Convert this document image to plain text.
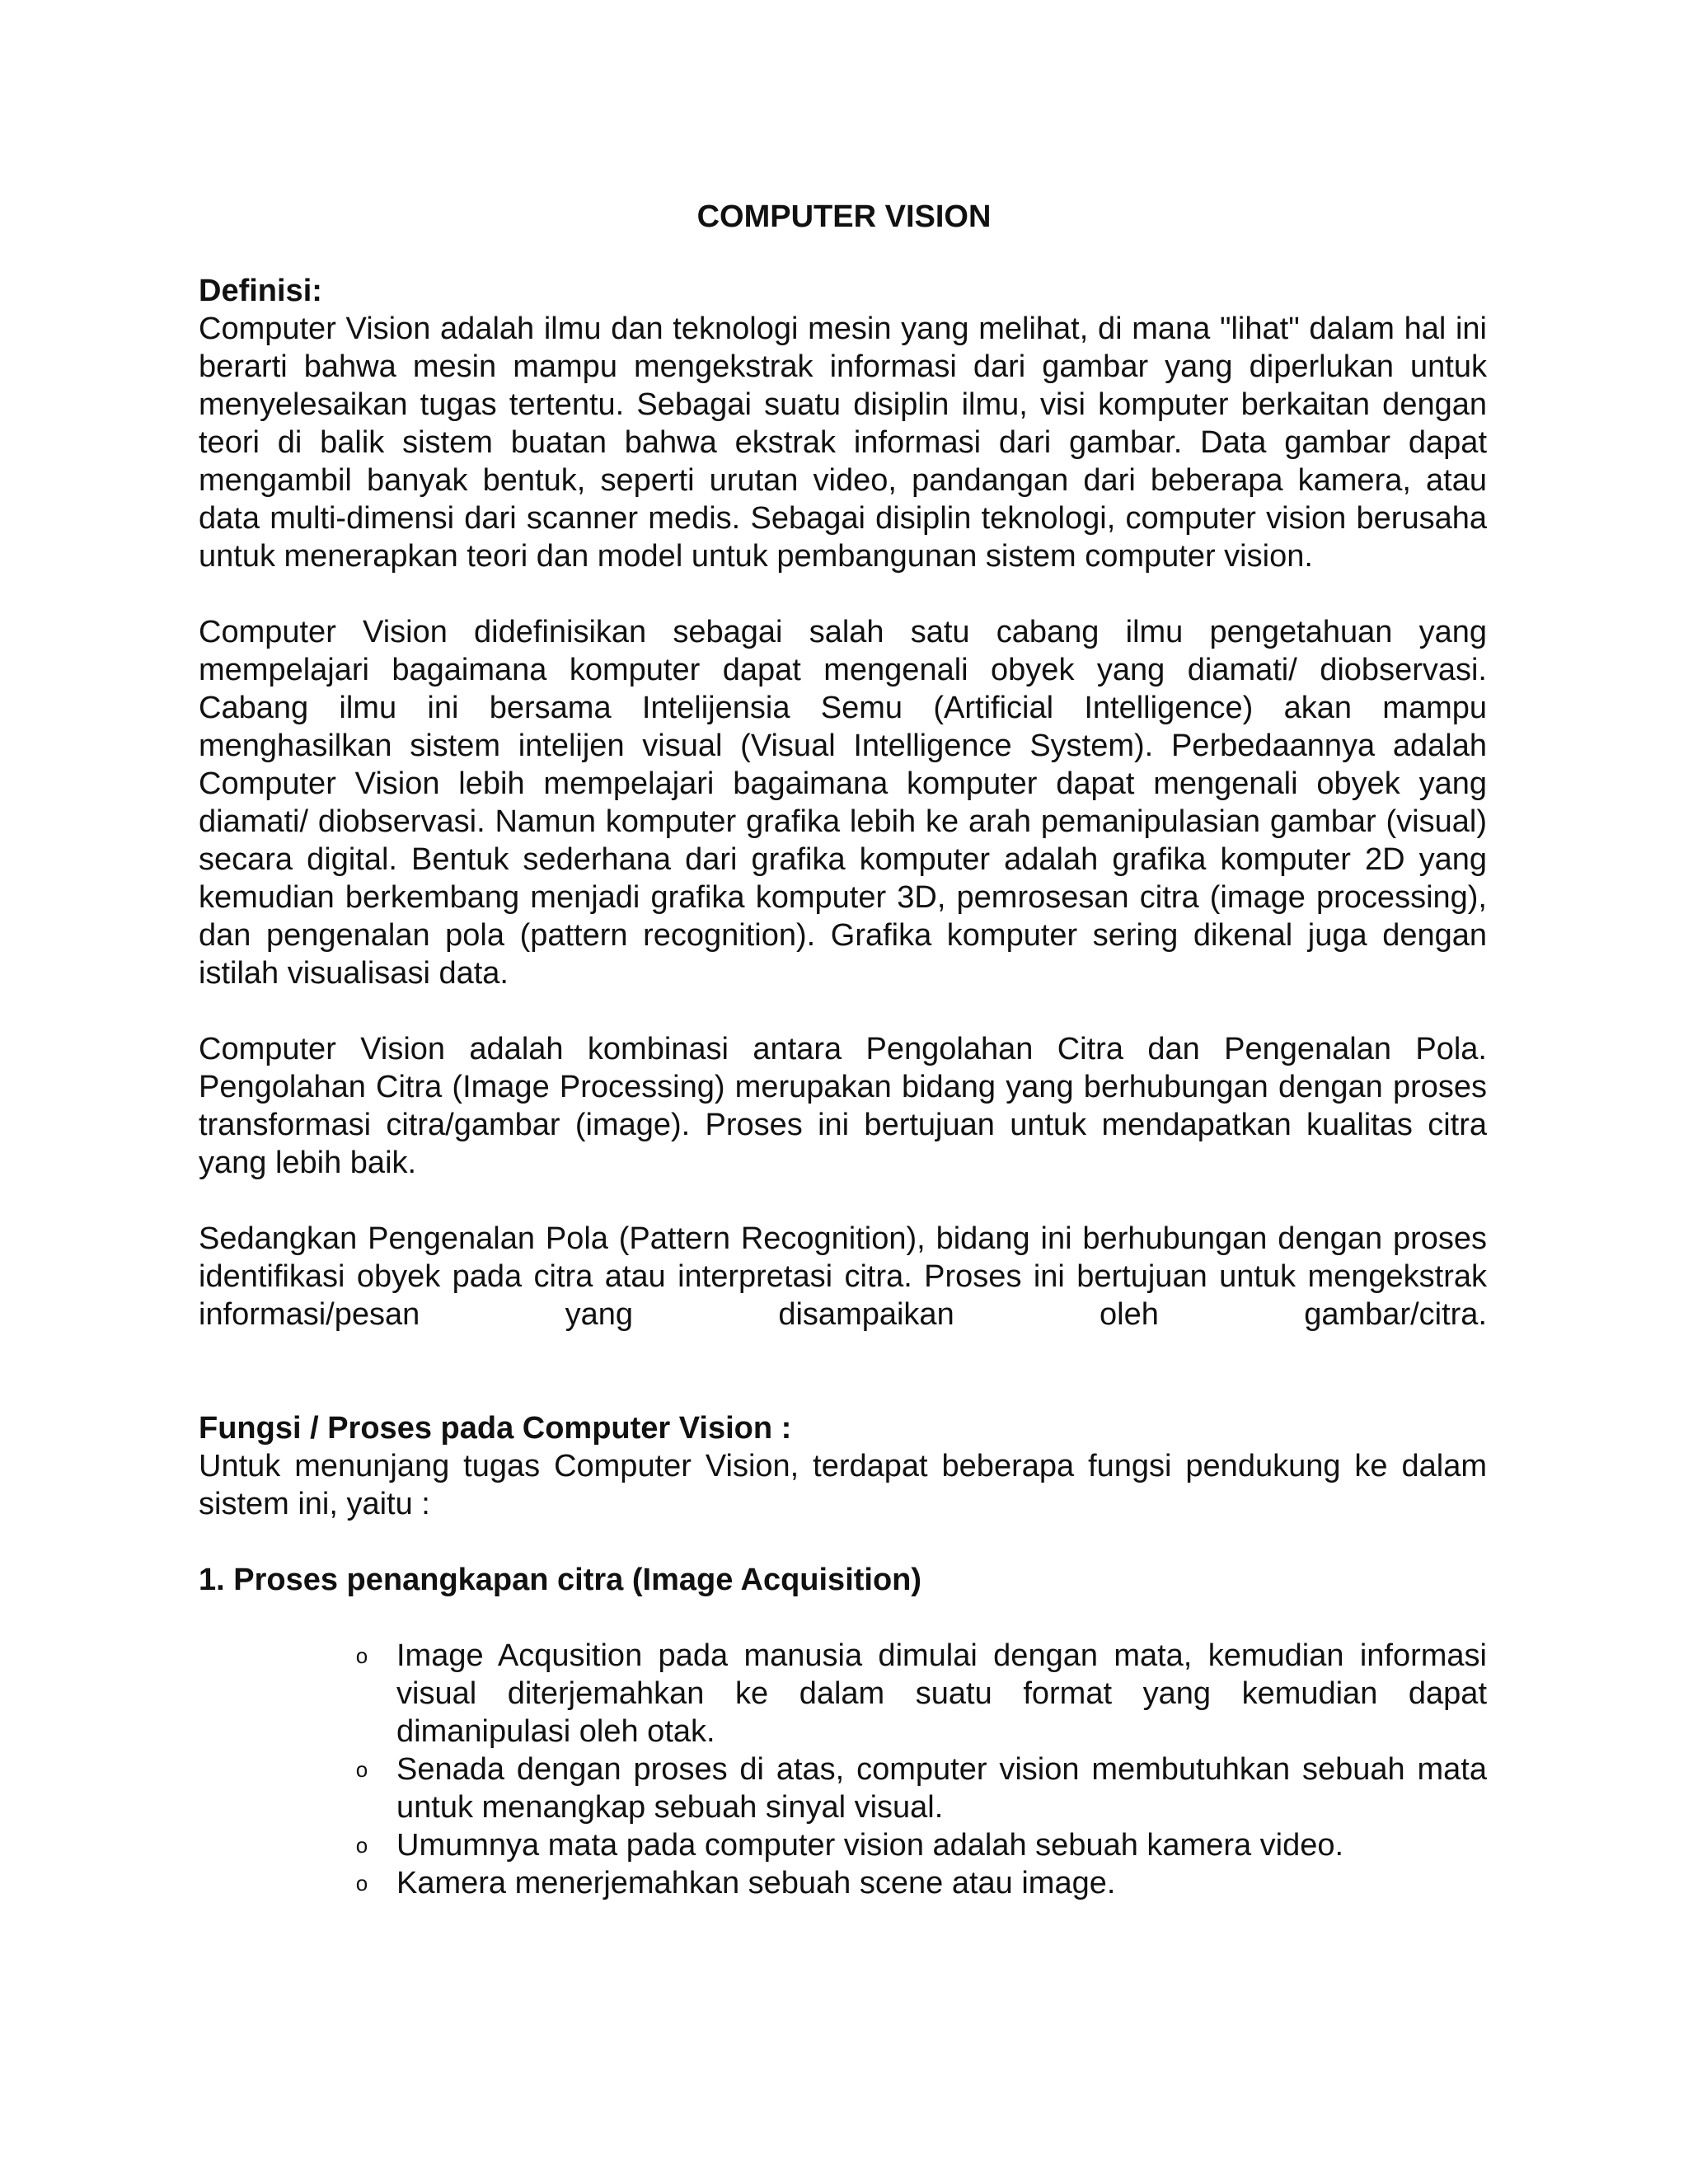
COMPUTER VISION

Definisi:

Computer Vision adalah ilmu dan teknologi mesin yang melihat, di mana "lihat" dalam hal ini berarti bahwa mesin mampu mengekstrak informasi dari gambar yang diperlukan untuk menyelesaikan tugas tertentu. Sebagai suatu disiplin ilmu, visi komputer berkaitan dengan teori di balik sistem buatan bahwa ekstrak informasi dari gambar. Data gambar dapat mengambil banyak bentuk, seperti urutan video, pandangan dari beberapa kamera, atau data multi-dimensi dari scanner medis. Sebagai disiplin teknologi, computer vision berusaha untuk menerapkan teori dan model untuk pembangunan sistem computer vision.

Computer Vision didefinisikan sebagai salah satu cabang ilmu pengetahuan yang mempelajari bagaimana komputer dapat mengenali obyek yang diamati/ diobservasi. Cabang ilmu ini bersama Intelijensia Semu (Artificial Intelligence) akan mampu menghasilkan sistem intelijen visual (Visual Intelligence System). Perbedaannya adalah Computer Vision lebih mempelajari bagaimana komputer dapat mengenali obyek yang diamati/ diobservasi. Namun komputer grafika lebih ke arah pemanipulasian gambar (visual) secara digital. Bentuk sederhana dari grafika komputer adalah grafika komputer 2D yang kemudian berkembang menjadi grafika komputer 3D, pemrosesan citra (image processing), dan pengenalan pola (pattern recognition). Grafika komputer sering dikenal juga dengan istilah visualisasi data.

Computer Vision adalah kombinasi antara Pengolahan Citra dan Pengenalan Pola. Pengolahan Citra (Image Processing) merupakan bidang yang berhubungan dengan proses transformasi citra/gambar (image). Proses ini bertujuan untuk mendapatkan kualitas citra yang lebih baik.

Sedangkan Pengenalan Pola (Pattern Recognition), bidang ini berhubungan dengan proses identifikasi obyek pada citra atau interpretasi citra. Proses ini bertujuan untuk mengekstrak informasi/pesan yang disampaikan oleh gambar/citra.

Fungsi / Proses pada Computer Vision :

Untuk menunjang tugas Computer Vision, terdapat beberapa fungsi pendukung ke dalam sistem ini, yaitu :

1. Proses penangkapan citra (Image Acquisition)

o Image Acqusition pada manusia dimulai dengan mata, kemudian informasi visual diterjemahkan ke dalam suatu format yang kemudian dapat dimanipulasi oleh otak.
o Senada dengan proses di atas, computer vision membutuhkan sebuah mata untuk menangkap sebuah sinyal visual.
o Umumnya mata pada computer vision adalah sebuah kamera video.
o Kamera menerjemahkan sebuah scene atau image.
